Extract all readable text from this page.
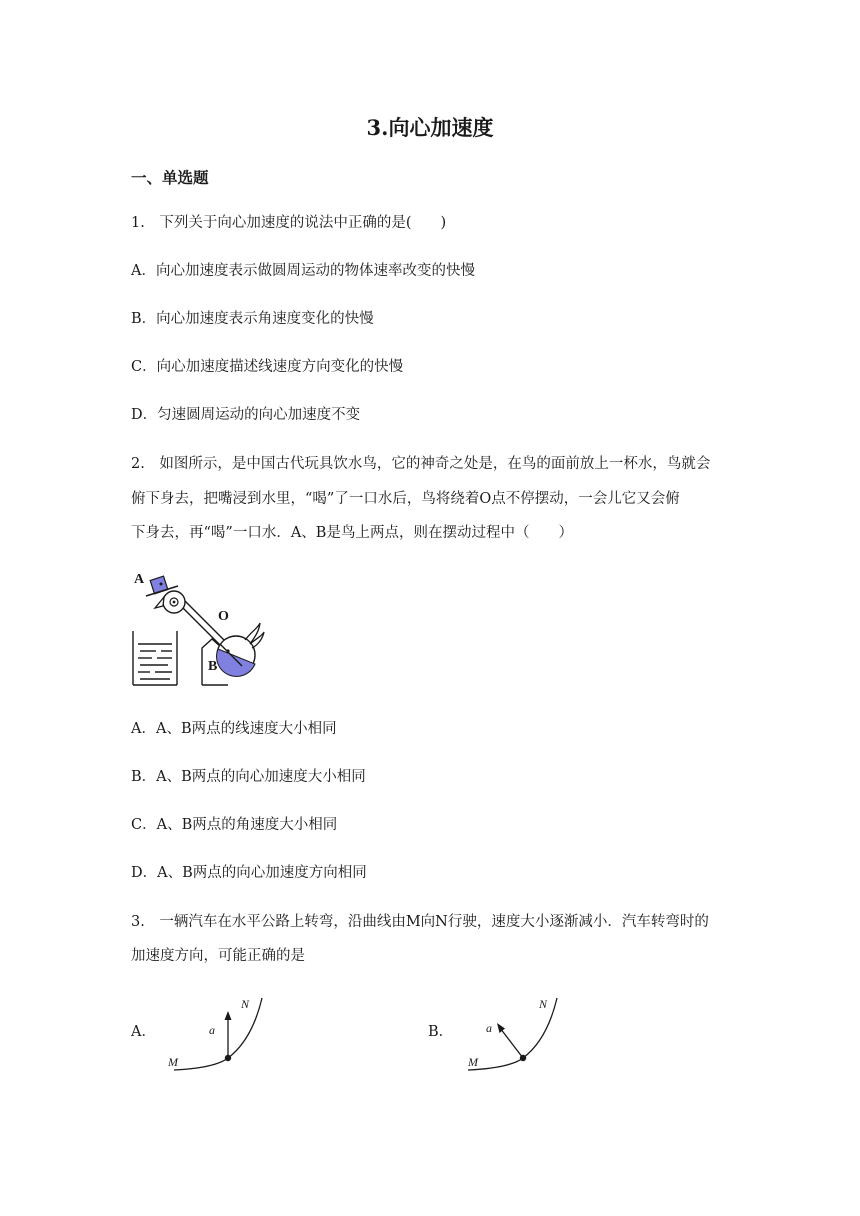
3.向心加速度
一、单选题
1.　下列关于向心加速度的说法中正确的是(　　)
A．向心加速度表示做圆周运动的物体速率改变的快慢
B．向心加速度表示角速度变化的快慢
C．向心加速度描述线速度方向变化的快慢
D．匀速圆周运动的向心加速度不变
2.　如图所示，是中国古代玩具饮水鸟，它的神奇之处是，在鸟的面前放上一杯水，鸟就会
俯下身去，把嘴浸到水里，“喝”了一口水后，鸟将绕着O点不停摆动，一会儿它又会俯
下身去，再“喝”一口水．A、B是鸟上两点，则在摆动过程中（　　）
A
O
B
A．A、B两点的线速度大小相同
B．A、B两点的向心加速度大小相同
C．A、B两点的角速度大小相同
D．A、B两点的向心加速度方向相同
3.　一辆汽车在水平公路上转弯，沿曲线由M向N行驶，速度大小逐渐减小．汽车转弯时的
加速度方向，可能正确的是
A．
N
M
a	B．
N
M
a
